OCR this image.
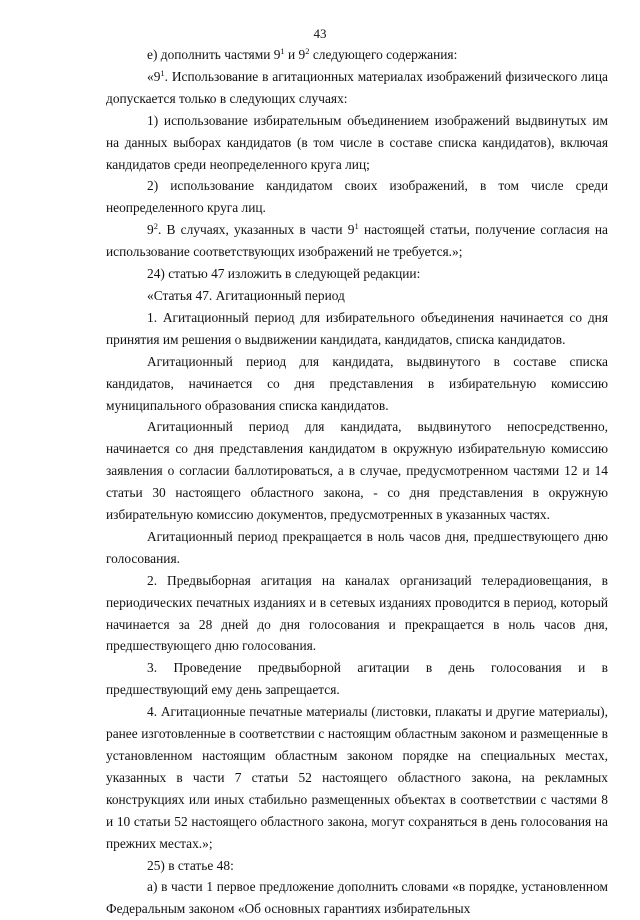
43

е) дополнить частями $9^1$ и $9^2$ следующего содержания:

«$9^1$. Использование в агитационных материалах изображений физического лица допускается только в следующих случаях:

1) использование избирательным объединением изображений выдвинутых им на данных выборах кандидатов (в том числе в составе списка кандидатов), включая кандидатов среди неопределенного круга лиц;

2) использование кандидатом своих изображений, в том числе среди неопределенного круга лиц.

$9^2$. В случаях, указанных в части $9^1$ настоящей статьи, получение согласия на использование соответствующих изображений не требуется.»;

24) статью 47 изложить в следующей редакции:

«Статья 47. Агитационный период

1. Агитационный период для избирательного объединения начинается со дня принятия им решения о выдвижении кандидата, кандидатов, списка кандидатов.

Агитационный период для кандидата, выдвинутого в составе списка кандидатов, начинается со дня представления в избирательную комиссию муниципального образования списка кандидатов.

Агитационный период для кандидата, выдвинутого непосредственно, начинается со дня представления кандидатом в окружную избирательную комиссию заявления о согласии баллотироваться, а в случае, предусмотренном частями 12 и 14 статьи 30 настоящего областного закона, - со дня представления в окружную избирательную комиссию документов, предусмотренных в указанных частях.

Агитационный период прекращается в ноль часов дня, предшествующего дню голосования.

2. Предвыборная агитация на каналах организаций телерадиовещания, в периодических печатных изданиях и в сетевых изданиях проводится в период, который начинается за 28 дней до дня голосования и прекращается в ноль часов дня, предшествующего дню голосования.

3. Проведение предвыборной агитации в день голосования и в предшествующий ему день запрещается.

4. Агитационные печатные материалы (листовки, плакаты и другие материалы), ранее изготовленные в соответствии с настоящим областным законом и размещенные в установленном настоящим областным законом порядке на специальных местах, указанных в части 7 статьи 52 настоящего областного закона, на рекламных конструкциях или иных стабильно размещенных объектах в соответствии с частями 8 и 10 статьи 52 настоящего областного закона, могут сохраняться в день голосования на прежних местах.»;

25) в статье 48:

а) в части 1 первое предложение дополнить словами «в порядке, установленном Федеральным законом «Об основных гарантиях избирательных
